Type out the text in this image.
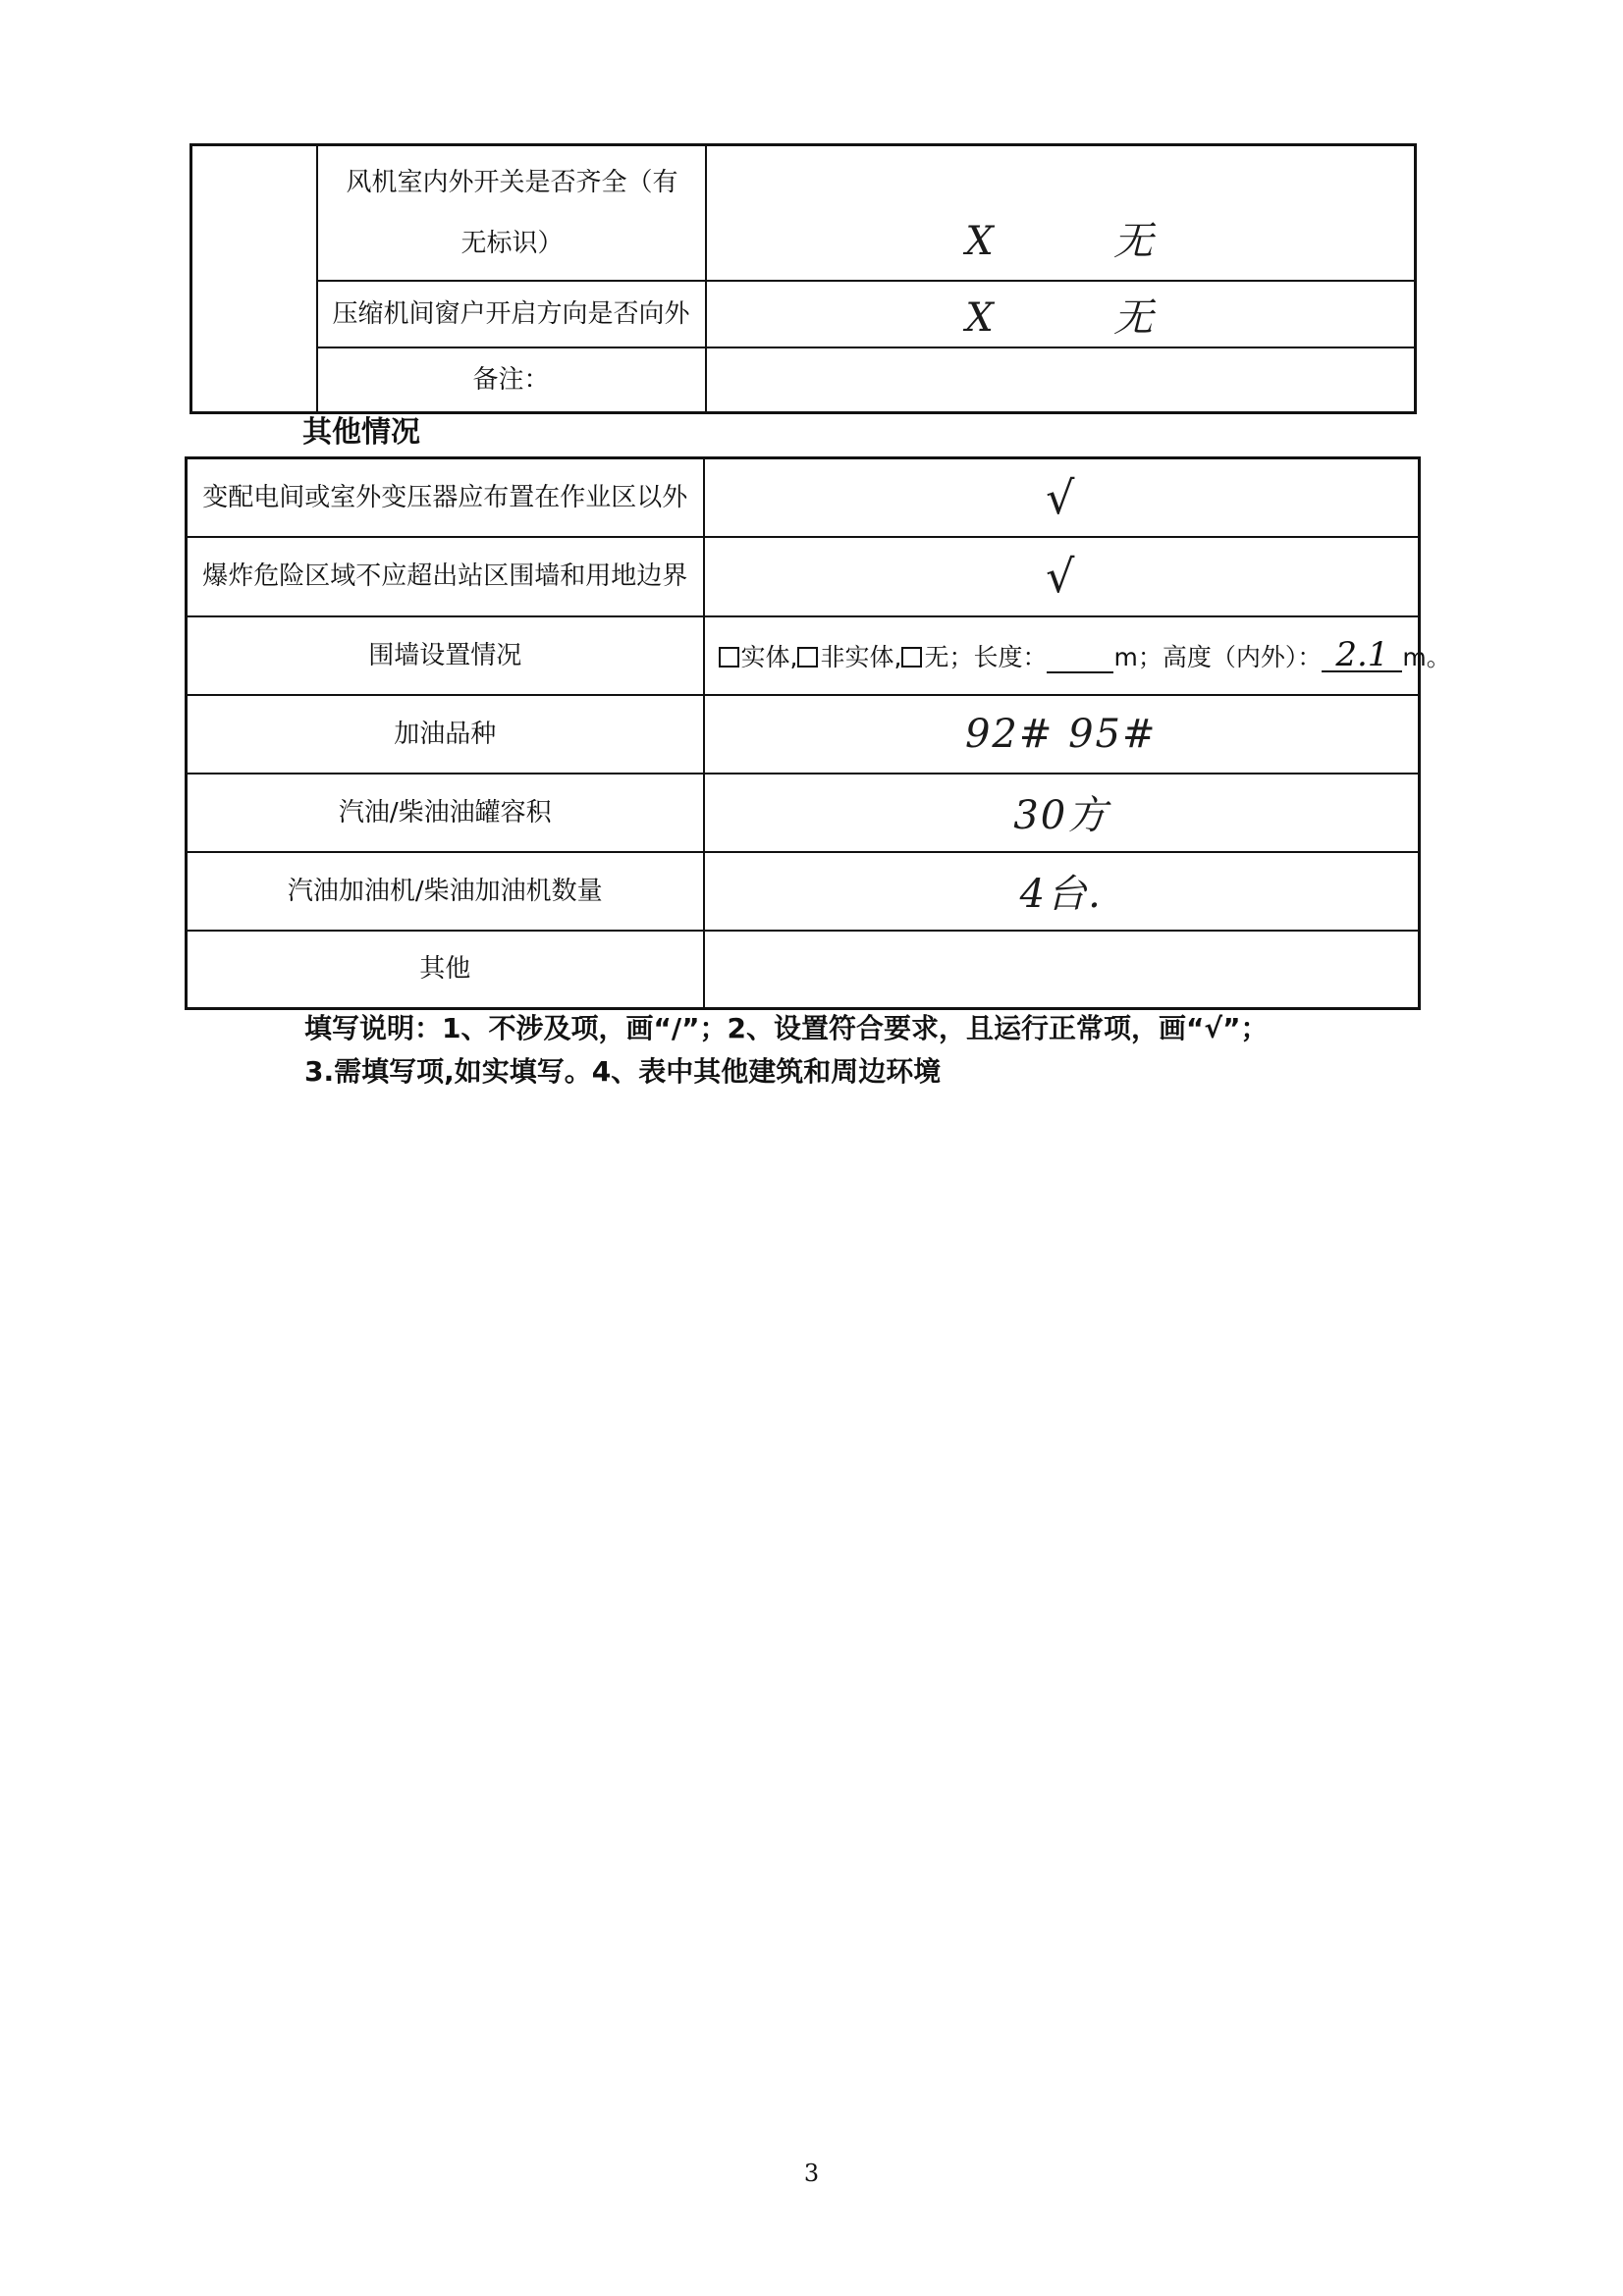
	风机室内外开关是否齐全（有无标识）	X 无

	压缩机间窗户开启方向是否向外	X 无
	备注：	
其他情况
变配电间或室外变压器应布置在作业区以外	√
爆炸危险区域不应超出站区围墙和用地边界	√
围墙设置情况	实体, 非实体, 无；长度： m；高度（内外）： 2.1 m。
加油品种	92# 95#
汽油/柴油油罐容积	30方
汽油加油机/柴油加油机数量	4台.
其他	
填写说明：1、不涉及项，画“/”；2、设置符合要求，且运行正常项，画“√”；
3.需填写项,如实填写。4、表中其他建筑和周边环境
3
